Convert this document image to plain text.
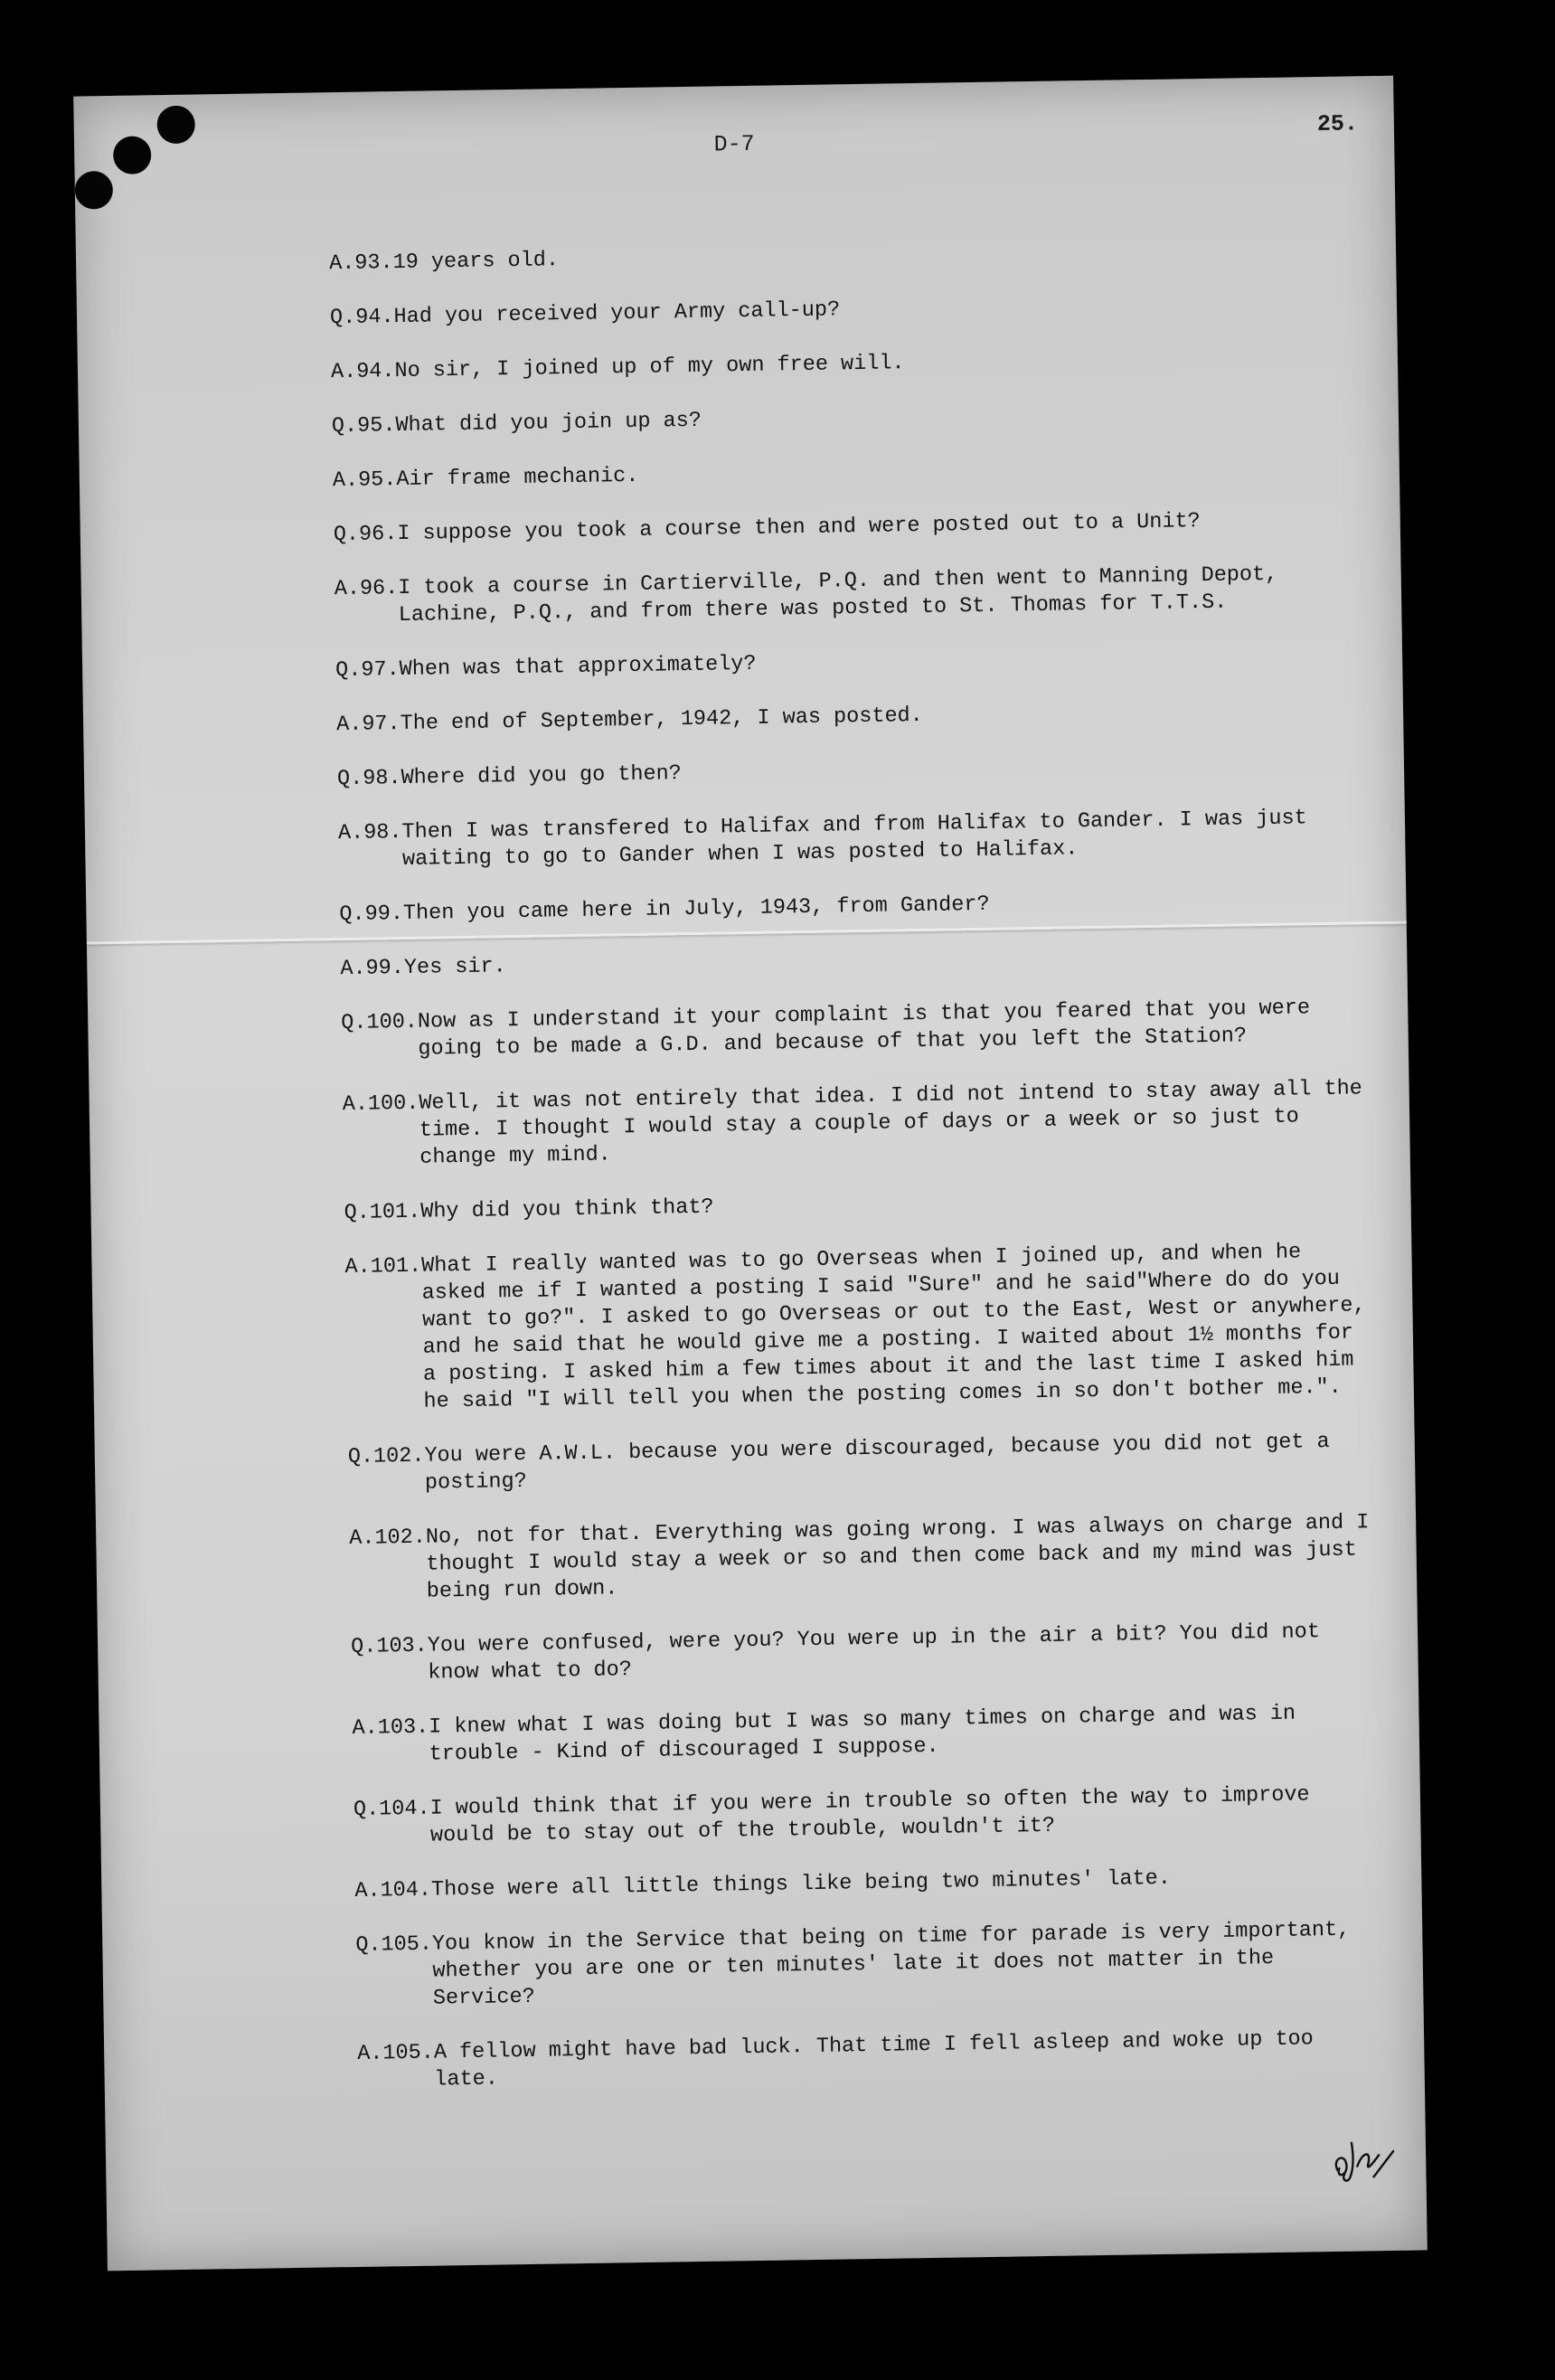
D-7
25.
A.93. 19 years old.
Q.94. Had you received your Army call-up?
A.94. No sir, I joined up of my own free will.
Q.95. What did you join up as?
A.95. Air frame mechanic.
Q.96. I suppose you took a course then and were posted out to a Unit?
A.96. I took a course in Cartierville, P.Q. and then went to Manning Depot, Lachine, P.Q., and from there was posted to St. Thomas for T.T.S.
Q.97. When was that approximately?
A.97. The end of September, 1942, I was posted.
Q.98. Where did you go then?
A.98. Then I was transfered to Halifax and from Halifax to Gander. I was just waiting to go to Gander when I was posted to Halifax.
Q.99. Then you came here in July, 1943, from Gander?
A.99. Yes sir.
Q.100. Now as I understand it your complaint is that you feared that you were going to be made a G.D. and because of that you left the Station?
A.100. Well, it was not entirely that idea. I did not intend to stay away all the time. I thought I would stay a couple of days or a week or so just to change my mind.
Q.101. Why did you think that?
A.101. What I really wanted was to go Overseas when I joined up, and when he asked me if I wanted a posting I said "Sure" and he said"Where do do you want to go?". I asked to go Overseas or out to the East, West or anywhere, and he said that he would give me a posting. I waited about 1½ months for a posting. I asked him a few times about it and the last time I asked him he said "I will tell you when the posting comes in so don't bother me.".
Q.102. You were A.W.L. because you were discouraged, because you did not get a posting?
A.102. No, not for that. Everything was going wrong. I was always on charge and I thought I would stay a week or so and then come back and my mind was just being run down.
Q.103. You were confused, were you? You were up in the air a bit? You did not know what to do?
A.103. I knew what I was doing but I was so many times on charge and was in trouble - Kind of discouraged I suppose.
Q.104. I would think that if you were in trouble so often the way to improve would be to stay out of the trouble, wouldn't it?
A.104. Those were all little things like being two minutes' late.
Q.105. You know in the Service that being on time for parade is very important, whether you are one or ten minutes' late it does not matter in the Service?
A.105. A fellow might have bad luck. That time I fell asleep and woke up too late.
